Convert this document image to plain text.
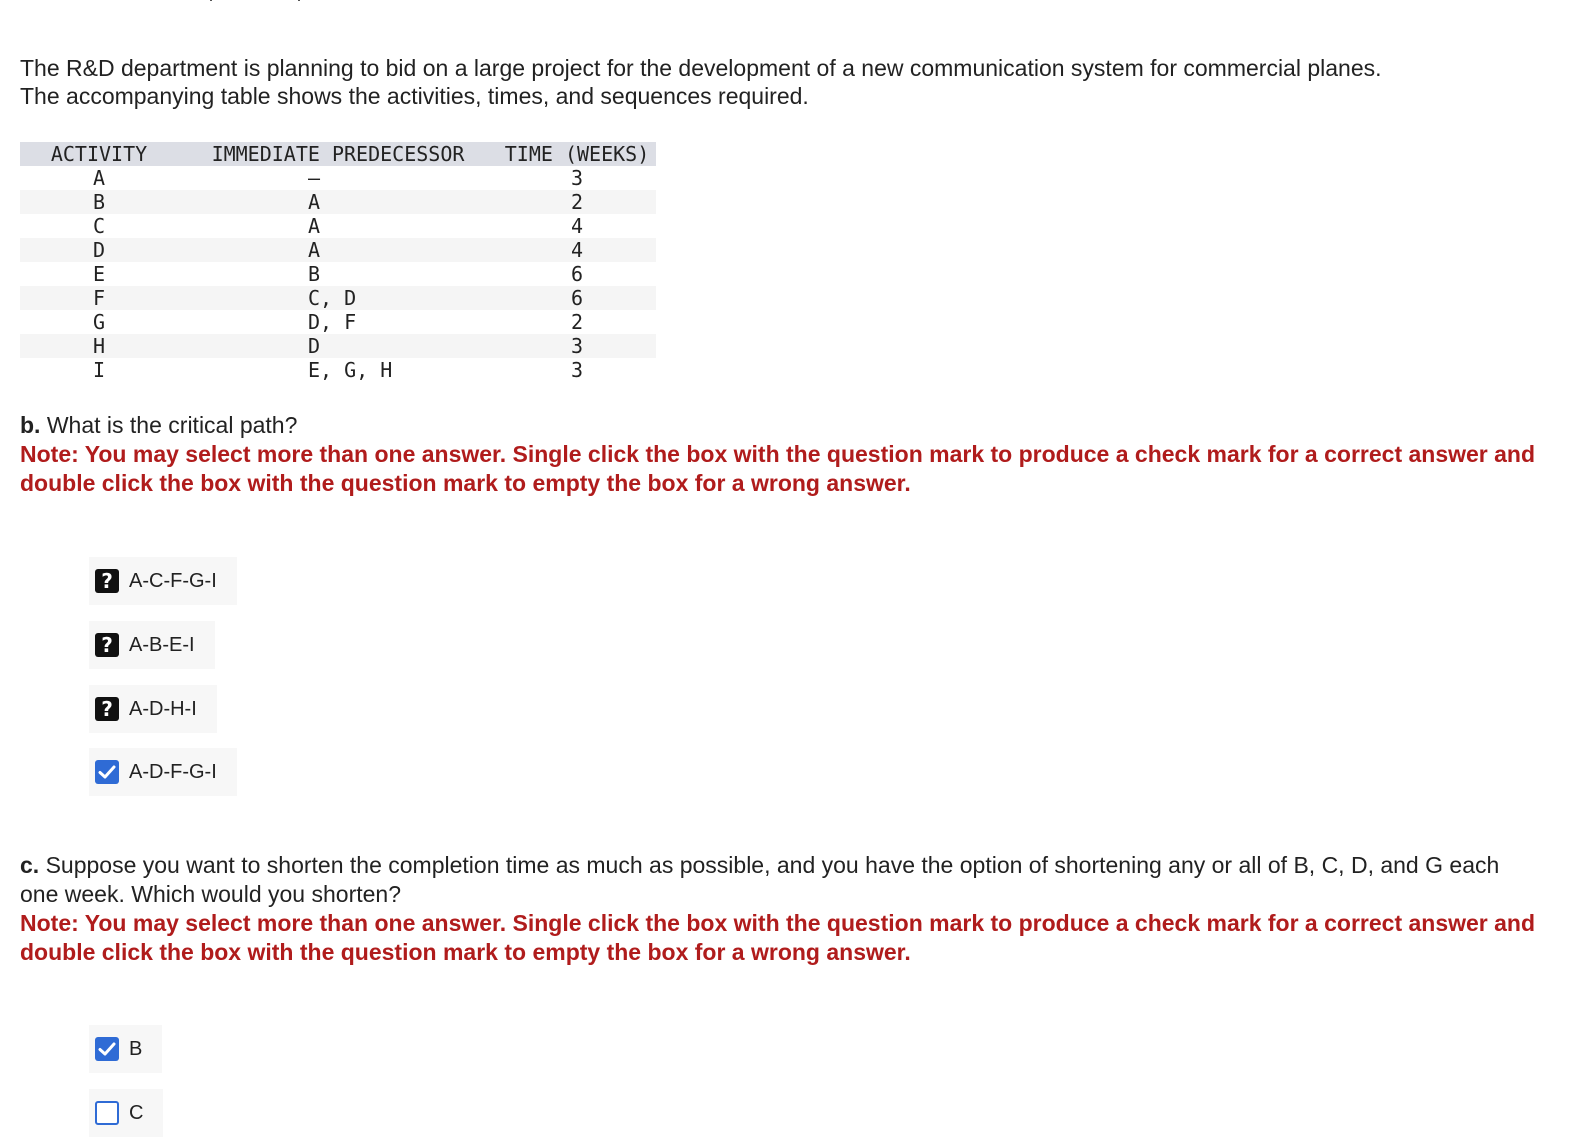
The R&D department is planning to bid on a large project for the development of a new communication system for commercial planes.
The accompanying table shows the activities, times, and sequences required.

ACTIVITY	IMMEDIATE PREDECESSOR	TIME (WEEKS)
A	—	3
B	A	2
C	A	4
D	A	4
E	B	6
F	C, D	6
G	D, F	2
H	D	3
I	E, G, H	3
b. What is the critical path?
Note: You may select more than one answer. Single click the box with the question mark to produce a check mark for a correct answer and double click the box with the question mark to empty the box for a wrong answer.
? A-C-F-G-I
? A-B-E-I
? A-D-H-I
A-D-F-G-I
c. Suppose you want to shorten the completion time as much as possible, and you have the option of shortening any or all of B, C, D, and G each one week. Which would you shorten?
Note: You may select more than one answer. Single click the box with the question mark to produce a check mark for a correct answer and double click the box with the question mark to empty the box for a wrong answer.
B
C
